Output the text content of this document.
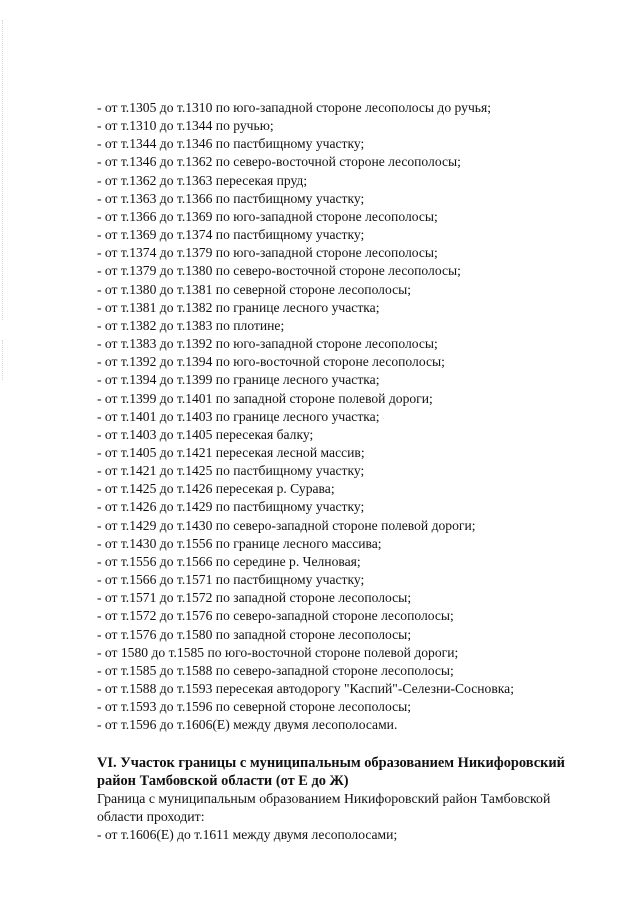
- от т.1305 до т.1310 по юго-западной стороне лесополосы до ручья;
- от т.1310 до т.1344 по ручью;
- от т.1344 до т.1346 по пастбищному участку;
- от т.1346 до т.1362 по северо-восточной стороне лесополосы;
- от т.1362 до т.1363 пересекая пруд;
- от т.1363 до т.1366 по пастбищному участку;
- от т.1366 до т.1369 по юго-западной стороне лесополосы;
- от т.1369 до т.1374 по пастбищному участку;
- от т.1374 до т.1379 по юго-западной стороне лесополосы;
- от т.1379 до т.1380 по северо-восточной стороне лесополосы;
- от т.1380 до т.1381 по северной стороне лесополосы;
- от т.1381 до т.1382 по границе лесного участка;
- от т.1382 до т.1383 по плотине;
- от т.1383 до т.1392 по юго-западной стороне лесополосы;
- от т.1392 до т.1394 по юго-восточной стороне лесополосы;
- от т.1394 до т.1399 по границе лесного участка;
- от т.1399 до т.1401 по западной стороне полевой дороги;
- от т.1401 до т.1403 по границе лесного участка;
- от т.1403 до т.1405 пересекая балку;
- от т.1405 до т.1421 пересекая лесной массив;
- от т.1421 до т.1425 по пастбищному участку;
- от т.1425 до т.1426 пересекая р. Сурава;
- от т.1426 до т.1429 по пастбищному участку;
- от т.1429 до т.1430 по северо-западной стороне полевой дороги;
- от т.1430 до т.1556 по границе лесного массива;
- от т.1556 до т.1566 по середине р. Челновая;
- от т.1566 до т.1571 по пастбищному участку;
- от т.1571 до т.1572 по западной стороне лесополосы;
- от т.1572 до т.1576 по северо-западной стороне лесополосы;
- от т.1576 до т.1580 по западной стороне лесополосы;
- от 1580 до т.1585 по юго-восточной стороне полевой дороги;
- от т.1585 до т.1588 по северо-западной стороне лесополосы;
- от т.1588 до т.1593 пересекая автодорогу "Каспий"-Селезни-Сосновка;
- от т.1593 до т.1596 по северной стороне лесополосы;
- от т.1596 до т.1606(Е) между двумя лесополосами.

VI. Участок границы с муниципальным образованием Никифоровский

район Тамбовской области (от Е до Ж)

Граница с муниципальным образованием Никифоровский район Тамбовской

области проходит:

- от т.1606(Е) до т.1611 между двумя лесополосами;
